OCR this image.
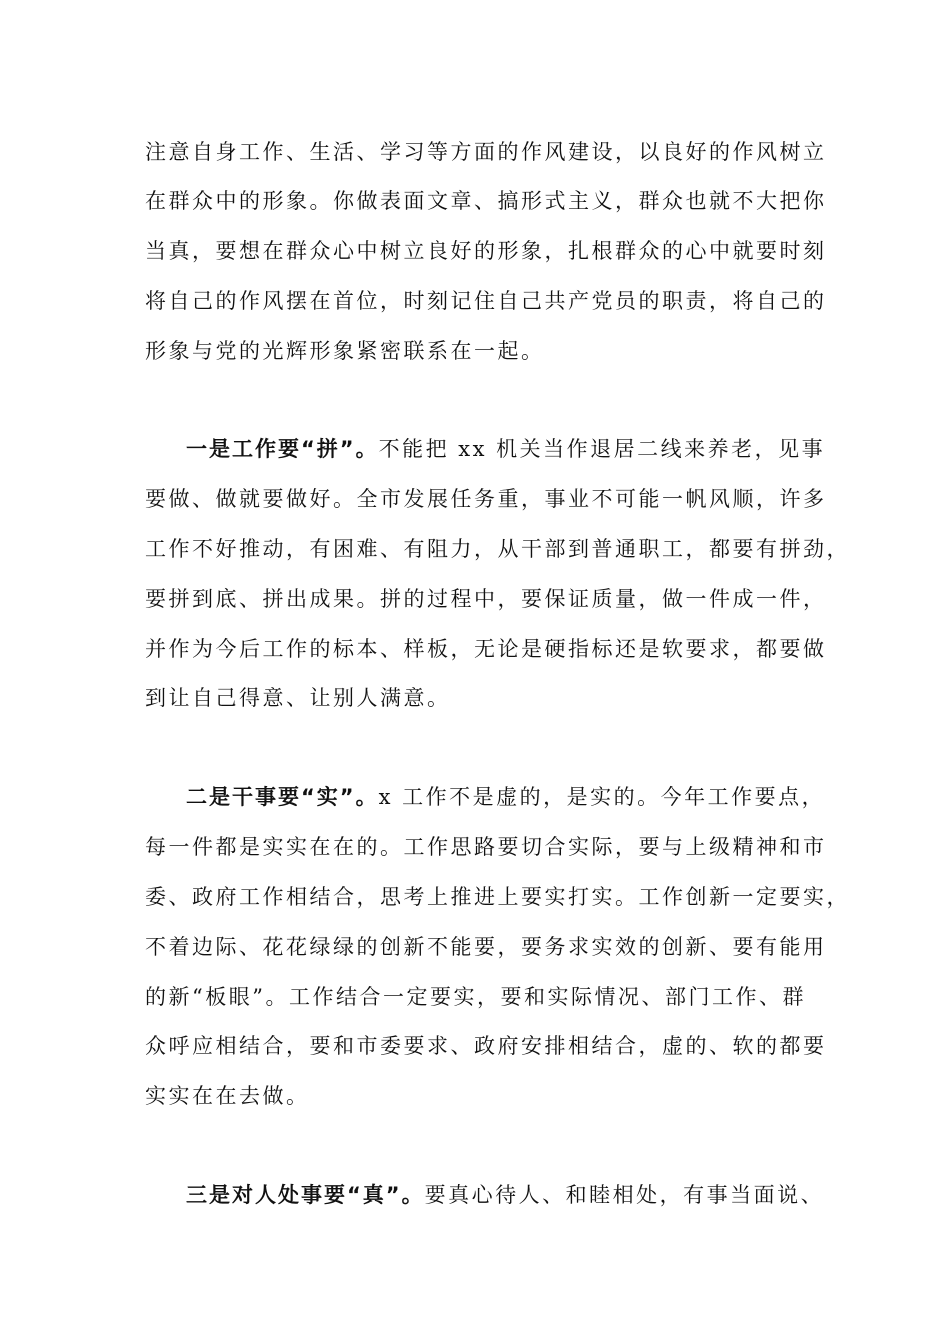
注意自身工作、生活、学习等方面的作风建设，以良好的作风树立
在群众中的形象。你做表面文章、搞形式主义，群众也就不大把你
当真，要想在群众心中树立良好的形象，扎根群众的心中就要时刻
将自己的作风摆在首位，时刻记住自己共产党员的职责，将自己的
形象与党的光辉形象紧密联系在一起。
一是工作要“拼”。不能把 xx 机关当作退居二线来养老，见事
要做、做就要做好。全市发展任务重，事业不可能一帆风顺，许多
工作不好推动，有困难、有阻力，从干部到普通职工，都要有拼劲，
要拼到底、拼出成果。拼的过程中，要保证质量，做一件成一件，
并作为今后工作的标本、样板，无论是硬指标还是软要求，都要做
到让自己得意、让别人满意。
二是干事要“实”。x 工作不是虚的，是实的。今年工作要点，
每一件都是实实在在的。工作思路要切合实际，要与上级精神和市
委、政府工作相结合，思考上推进上要实打实。工作创新一定要实，
不着边际、花花绿绿的创新不能要，要务求实效的创新、要有能用
的新“板眼”。工作结合一定要实，要和实际情况、部门工作、群
众呼应相结合，要和市委要求、政府安排相结合，虚的、软的都要
实实在在去做。
三是对人处事要“真”。要真心待人、和睦相处，有事当面说、
